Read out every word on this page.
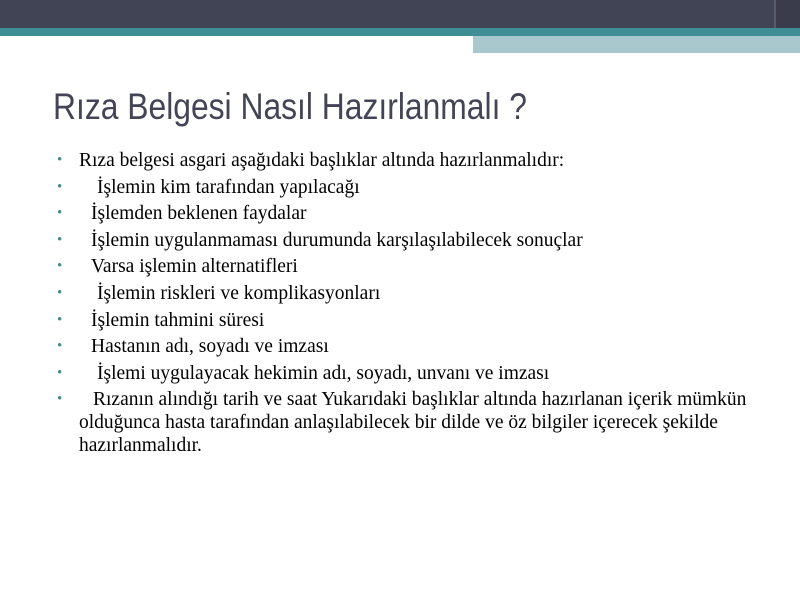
Rıza Belgesi Nasıl Hazırlanmalı ?
• Rıza belgesi asgari aşağıdaki başlıklar altında hazırlanmalıdır:
• İşlemin kim tarafından yapılacağı
• İşlemden beklenen faydalar
• İşlemin uygulanmaması durumunda karşılaşılabilecek sonuçlar
• Varsa işlemin alternatifleri
• İşlemin riskleri ve komplikasyonları
• İşlemin tahmini süresi
• Hastanın adı, soyadı ve imzası
• İşlemi uygulayacak hekimin adı, soyadı, unvanı ve imzası
• Rızanın alındığı tarih ve saat Yukarıdaki başlıklar altında hazırlanan içerik mümkün olduğunca hasta tarafından anlaşılabilecek bir dilde ve öz bilgiler içerecek şekilde hazırlanmalıdır.
